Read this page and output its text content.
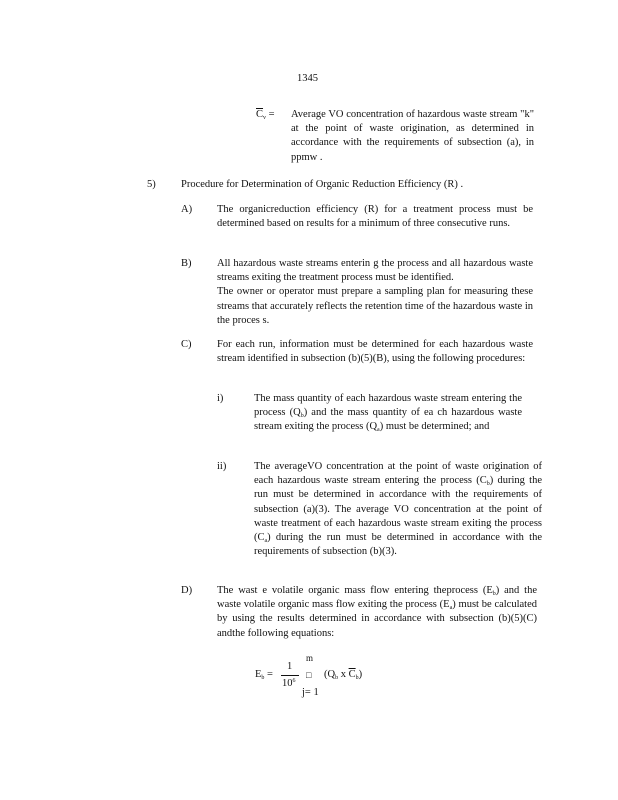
1345
$\overline{C}_v$ = Average VO concentration of hazardous waste stream "k" at the point of waste origination, as determined in accordance with the requirements of subsection (a), in ppmw .
5) Procedure for Determination of Organic Reduction Efficiency (R) .
A) The organicreduction efficiency (R) for a treatment process must be determined based on results for a minimum of three consecutive runs.
B) All hazardous waste streams enterin g the process and all hazardous waste streams exiting the treatment process must be identified.
The owner or operator must prepare a sampling plan for measuring these streams that accurately reflects the retention time of the hazardous waste in the proces s.
C) For each run, information must be determined for each hazardous waste stream identified in subsection (b)(5)(B), using the following procedures:
i)	The mass quantity of each hazardous waste stream entering the process $(Q_b)$ and the mass quantity of ea ch hazardous waste stream exiting the process $(Q_a)$ must be determined; and
ii)	The averageVO concentration at the point of waste origination of each hazardous waste stream entering the process $(C_b)$ during the run must be determined in accordance with the requirements of subsection (a)(3). The average VO concentration at the point of waste treatment of each hazardous waste stream exiting the process $(C_a)$ during the run must be determined in accordance with the requirements of subsection (b)(3).
D) The wast e volatile organic mass flow entering theprocess $(E_b)$ and the waste volatile organic mass flow exiting the process $(E_a)$ must be calculated by using the results determined in accordance with subsection (b)(5)(C) andthe following equations:
$E_b$ =
1
$10^6$
m
□
j= 1
($Q_b$ x $\overline{C}_b$)
